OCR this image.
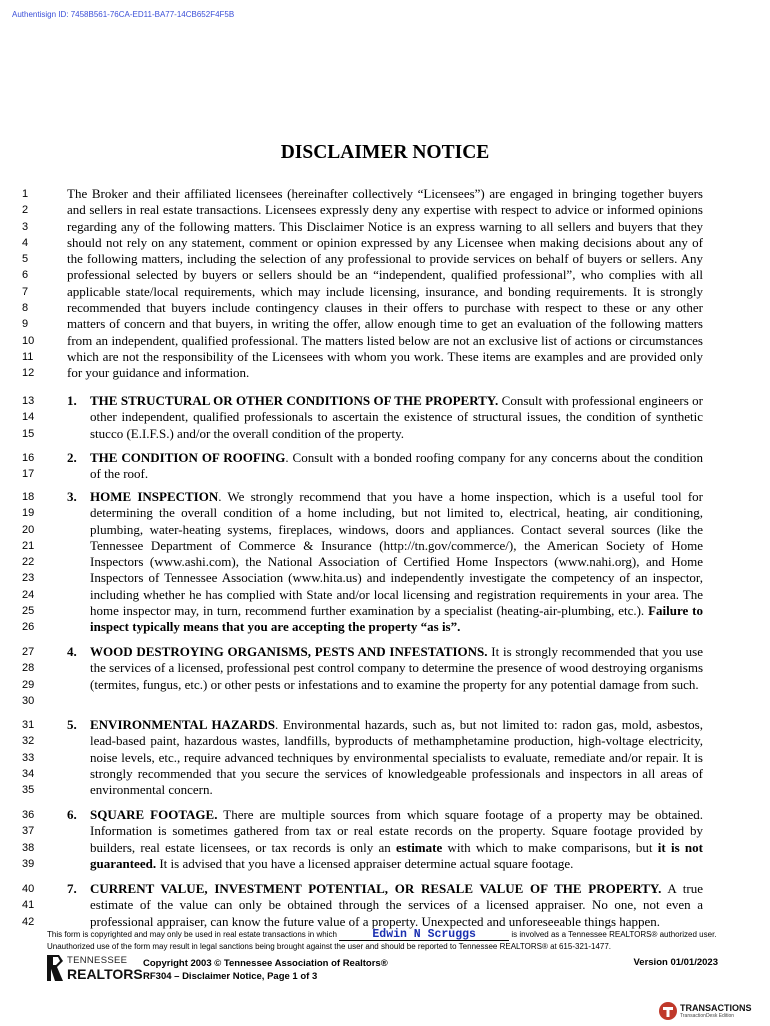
Authentisign ID: 7458B561-76CA-ED11-BA77-14CB652F4F5B
DISCLAIMER NOTICE
1
2
3
4
5
6
7
8
9
10
11
12
13
14
15
16
17
18
19
20
21
22
23
24
25
26
27
28
29
30
31
32
33
34
35
36
37
38
39
40
41
42
The Broker and their affiliated licensees (hereinafter collectively “Licensees”) are engaged in bringing together buyers and sellers in real estate transactions. Licensees expressly deny any expertise with respect to advice or informed opinions regarding any of the following matters. This Disclaimer Notice is an express warning to all sellers and buyers that they should not rely on any statement, comment or opinion expressed by any Licensee when making decisions about any of the following matters, including the selection of any professional to provide services on behalf of buyers or sellers. Any professional selected by buyers or sellers should be an “independent, qualified professional”, who complies with all applicable state/local requirements, which may include licensing, insurance, and bonding requirements. It is strongly recommended that buyers include contingency clauses in their offers to purchase with respect to these or any other matters of concern and that buyers, in writing the offer, allow enough time to get an evaluation of the following matters from an independent, qualified professional. The matters listed below are not an exclusive list of actions or circumstances which are not the responsibility of the Licensees with whom you work. These items are examples and are provided only for your guidance and information.
1. THE STRUCTURAL OR OTHER CONDITIONS OF THE PROPERTY. Consult with professional engineers or other independent, qualified professionals to ascertain the existence of structural issues, the condition of synthetic stucco (E.I.F.S.) and/or the overall condition of the property.
2. THE CONDITION OF ROOFING. Consult with a bonded roofing company for any concerns about the condition of the roof.
3. HOME INSPECTION. We strongly recommend that you have a home inspection, which is a useful tool for determining the overall condition of a home including, but not limited to, electrical, heating, air conditioning, plumbing, water-heating systems, fireplaces, windows, doors and appliances. Contact several sources (like the Tennessee Department of Commerce & Insurance (http://tn.gov/commerce/), the American Society of Home Inspectors (www.ashi.com), the National Association of Certified Home Inspectors (www.nahi.org), and Home Inspectors of Tennessee Association (www.hita.us) and independently investigate the competency of an inspector, including whether he has complied with State and/or local licensing and registration requirements in your area. The home inspector may, in turn, recommend further examination by a specialist (heating-air-plumbing, etc.). Failure to inspect typically means that you are accepting the property “as is”.
4. WOOD DESTROYING ORGANISMS, PESTS AND INFESTATIONS. It is strongly recommended that you use the services of a licensed, professional pest control company to determine the presence of wood destroying organisms (termites, fungus, etc.) or other pests or infestations and to examine the property for any potential damage from such.
5. ENVIRONMENTAL HAZARDS. Environmental hazards, such as, but not limited to: radon gas, mold, asbestos, lead-based paint, hazardous wastes, landfills, byproducts of methamphetamine production, high-voltage electricity, noise levels, etc., require advanced techniques by environmental specialists to evaluate, remediate and/or repair. It is strongly recommended that you secure the services of knowledgeable professionals and inspectors in all areas of environmental concern.
6. SQUARE FOOTAGE. There are multiple sources from which square footage of a property may be obtained. Information is sometimes gathered from tax or real estate records on the property. Square footage provided by builders, real estate licensees, or tax records is only an estimate with which to make comparisons, but it is not guaranteed. It is advised that you have a licensed appraiser determine actual square footage.
7. CURRENT VALUE, INVESTMENT POTENTIAL, OR RESALE VALUE OF THE PROPERTY. A true estimate of the value can only be obtained through the services of a licensed appraiser. No one, not even a professional appraiser, can know the future value of a property. Unexpected and unforeseeable things happen.
This form is copyrighted and may only be used in real estate transactions in which	Edwin N Scruggs	is involved as a Tennessee REALTORS® authorized user. Unauthorized use of the form may result in legal sanctions being brought against the user and should be reported to Tennessee REALTORS® at 615-321-1477.
TENNESSEE
REALTORS
Copyright 2003 © Tennessee Association of Realtors®
RF304 – Disclaimer Notice, Page 1 of 3
Version 01/01/2023
TRANSACTIONS
TransactionDesk Edition
